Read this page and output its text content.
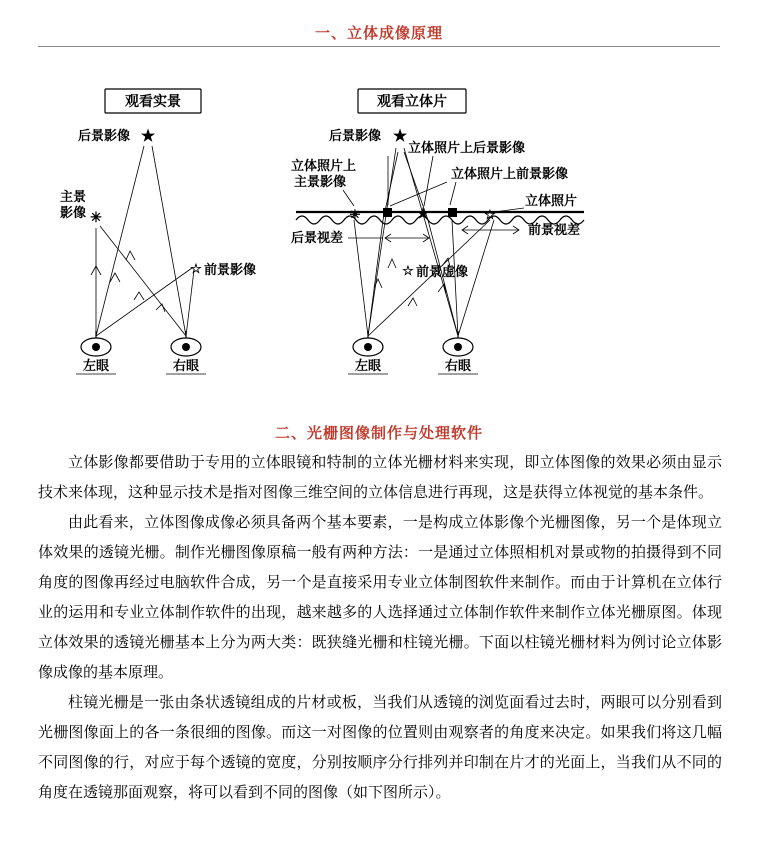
一、立体成像原理
观看实景
★
后景影像
✳
主景
影像
☆ 前景影像
左眼	右眼
观看立体片
★
后景影像
立体照片上
主景影像
立体照片上后景影像
立体照片上前景影像
立体照片
✳	★	☆
前景视差
后景视差
☆ 前景虚像
左眼	右眼
二、光栅图像制作与处理软件

立体影像都要借助于专用的立体眼镜和特制的立体光栅材料来实现，即立体图像的效果必须由显示技术来体现，这种显示技术是指对图像三维空间的立体信息进行再现，这是获得立体视觉的基本条件。

由此看来，立体图像成像必须具备两个基本要素，一是构成立体影像个光栅图像，另一个是体现立体效果的透镜光栅。制作光栅图像原稿一般有两种方法：一是通过立体照相机对景或物的拍摄得到不同角度的图像再经过电脑软件合成，另一个是直接采用专业立体制图软件来制作。而由于计算机在立体行业的运用和专业立体制作软件的出现，越来越多的人选择通过立体制作软件来制作立体光栅原图。体现立体效果的透镜光栅基本上分为两大类：既狭缝光栅和柱镜光栅。下面以柱镜光栅材料为例讨论立体影像成像的基本原理。

柱镜光栅是一张由条状透镜组成的片材或板，当我们从透镜的浏览面看过去时，两眼可以分别看到光栅图像面上的各一条很细的图像。而这一对图像的位置则由观察者的角度来决定。如果我们将这几幅不同图像的行，对应于每个透镜的宽度，分别按顺序分行排列并印制在片才的光面上，当我们从不同的角度在透镜那面观察，将可以看到不同的图像（如下图所示）。
